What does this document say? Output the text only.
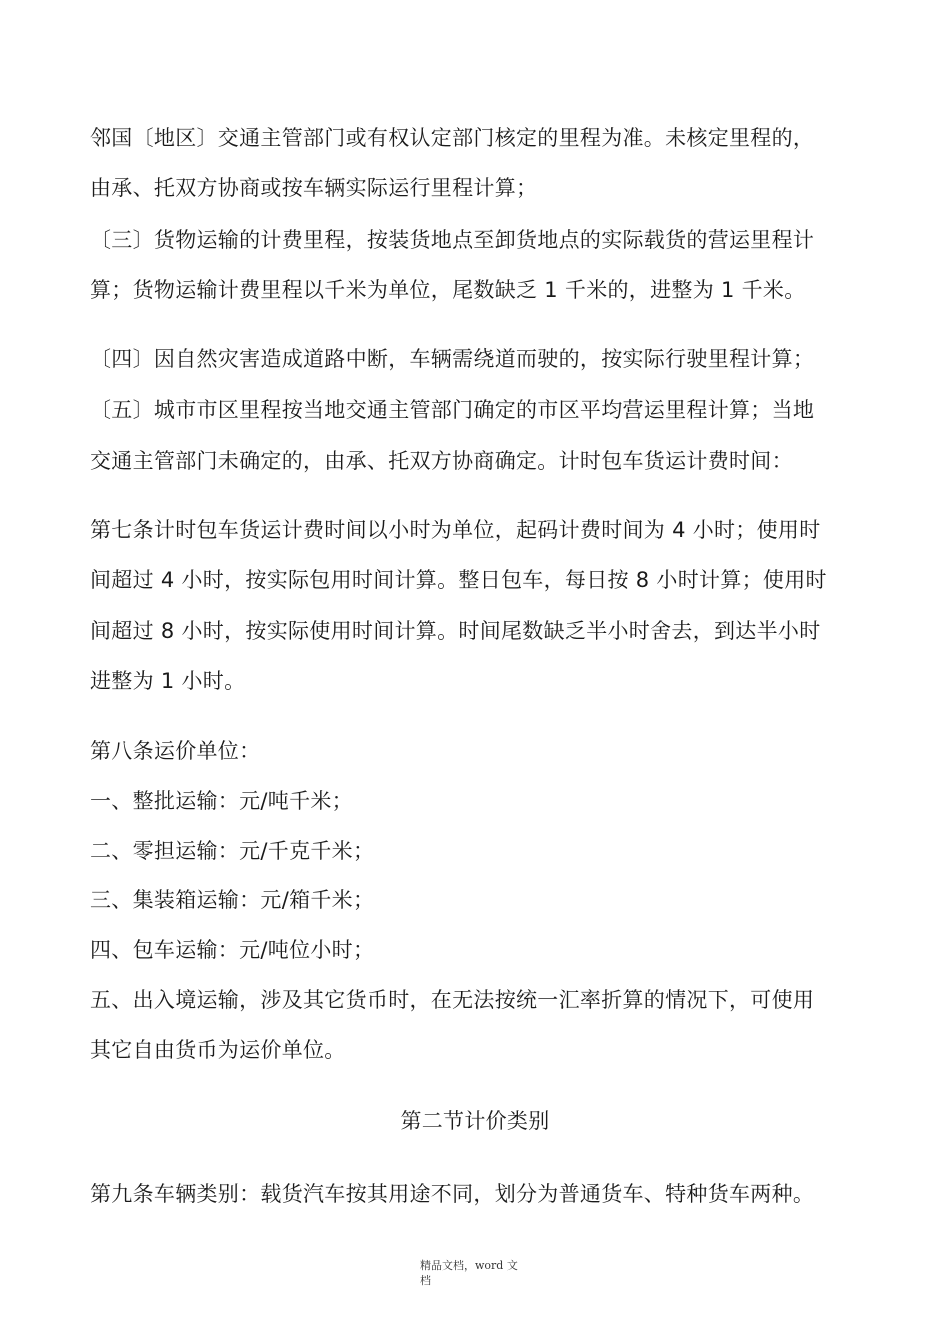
邻国〔地区〕交通主管部门或有权认定部门核定的里程为准。未核定里程的，
由承、托双方协商或按车辆实际运行里程计算；
〔三〕货物运输的计费里程，按装货地点至卸货地点的实际载货的营运里程计
算；货物运输计费里程以千米为单位，尾数缺乏 1 千米的，进整为 1 千米。
〔四〕因自然灾害造成道路中断，车辆需绕道而驶的，按实际行驶里程计算；
〔五〕城市市区里程按当地交通主管部门确定的市区平均营运里程计算；当地
交通主管部门未确定的，由承、托双方协商确定。计时包车货运计费时间：
第七条计时包车货运计费时间以小时为单位，起码计费时间为 4 小时；使用时
间超过 4 小时，按实际包用时间计算。整日包车，每日按 8 小时计算；使用时
间超过 8 小时，按实际使用时间计算。时间尾数缺乏半小时舍去，到达半小时
进整为 1 小时。
第八条运价单位：
一、整批运输：元/吨千米；
二、零担运输：元/千克千米；
三、集装箱运输：元/箱千米；
四、包车运输：元/吨位小时；
五、出入境运输，涉及其它货币时，在无法按统一汇率折算的情况下，可使用
其它自由货币为运价单位。
第二节计价类别
第九条车辆类别：载货汽车按其用途不同，划分为普通货车、特种货车两种。
精品文档，word 文
档
